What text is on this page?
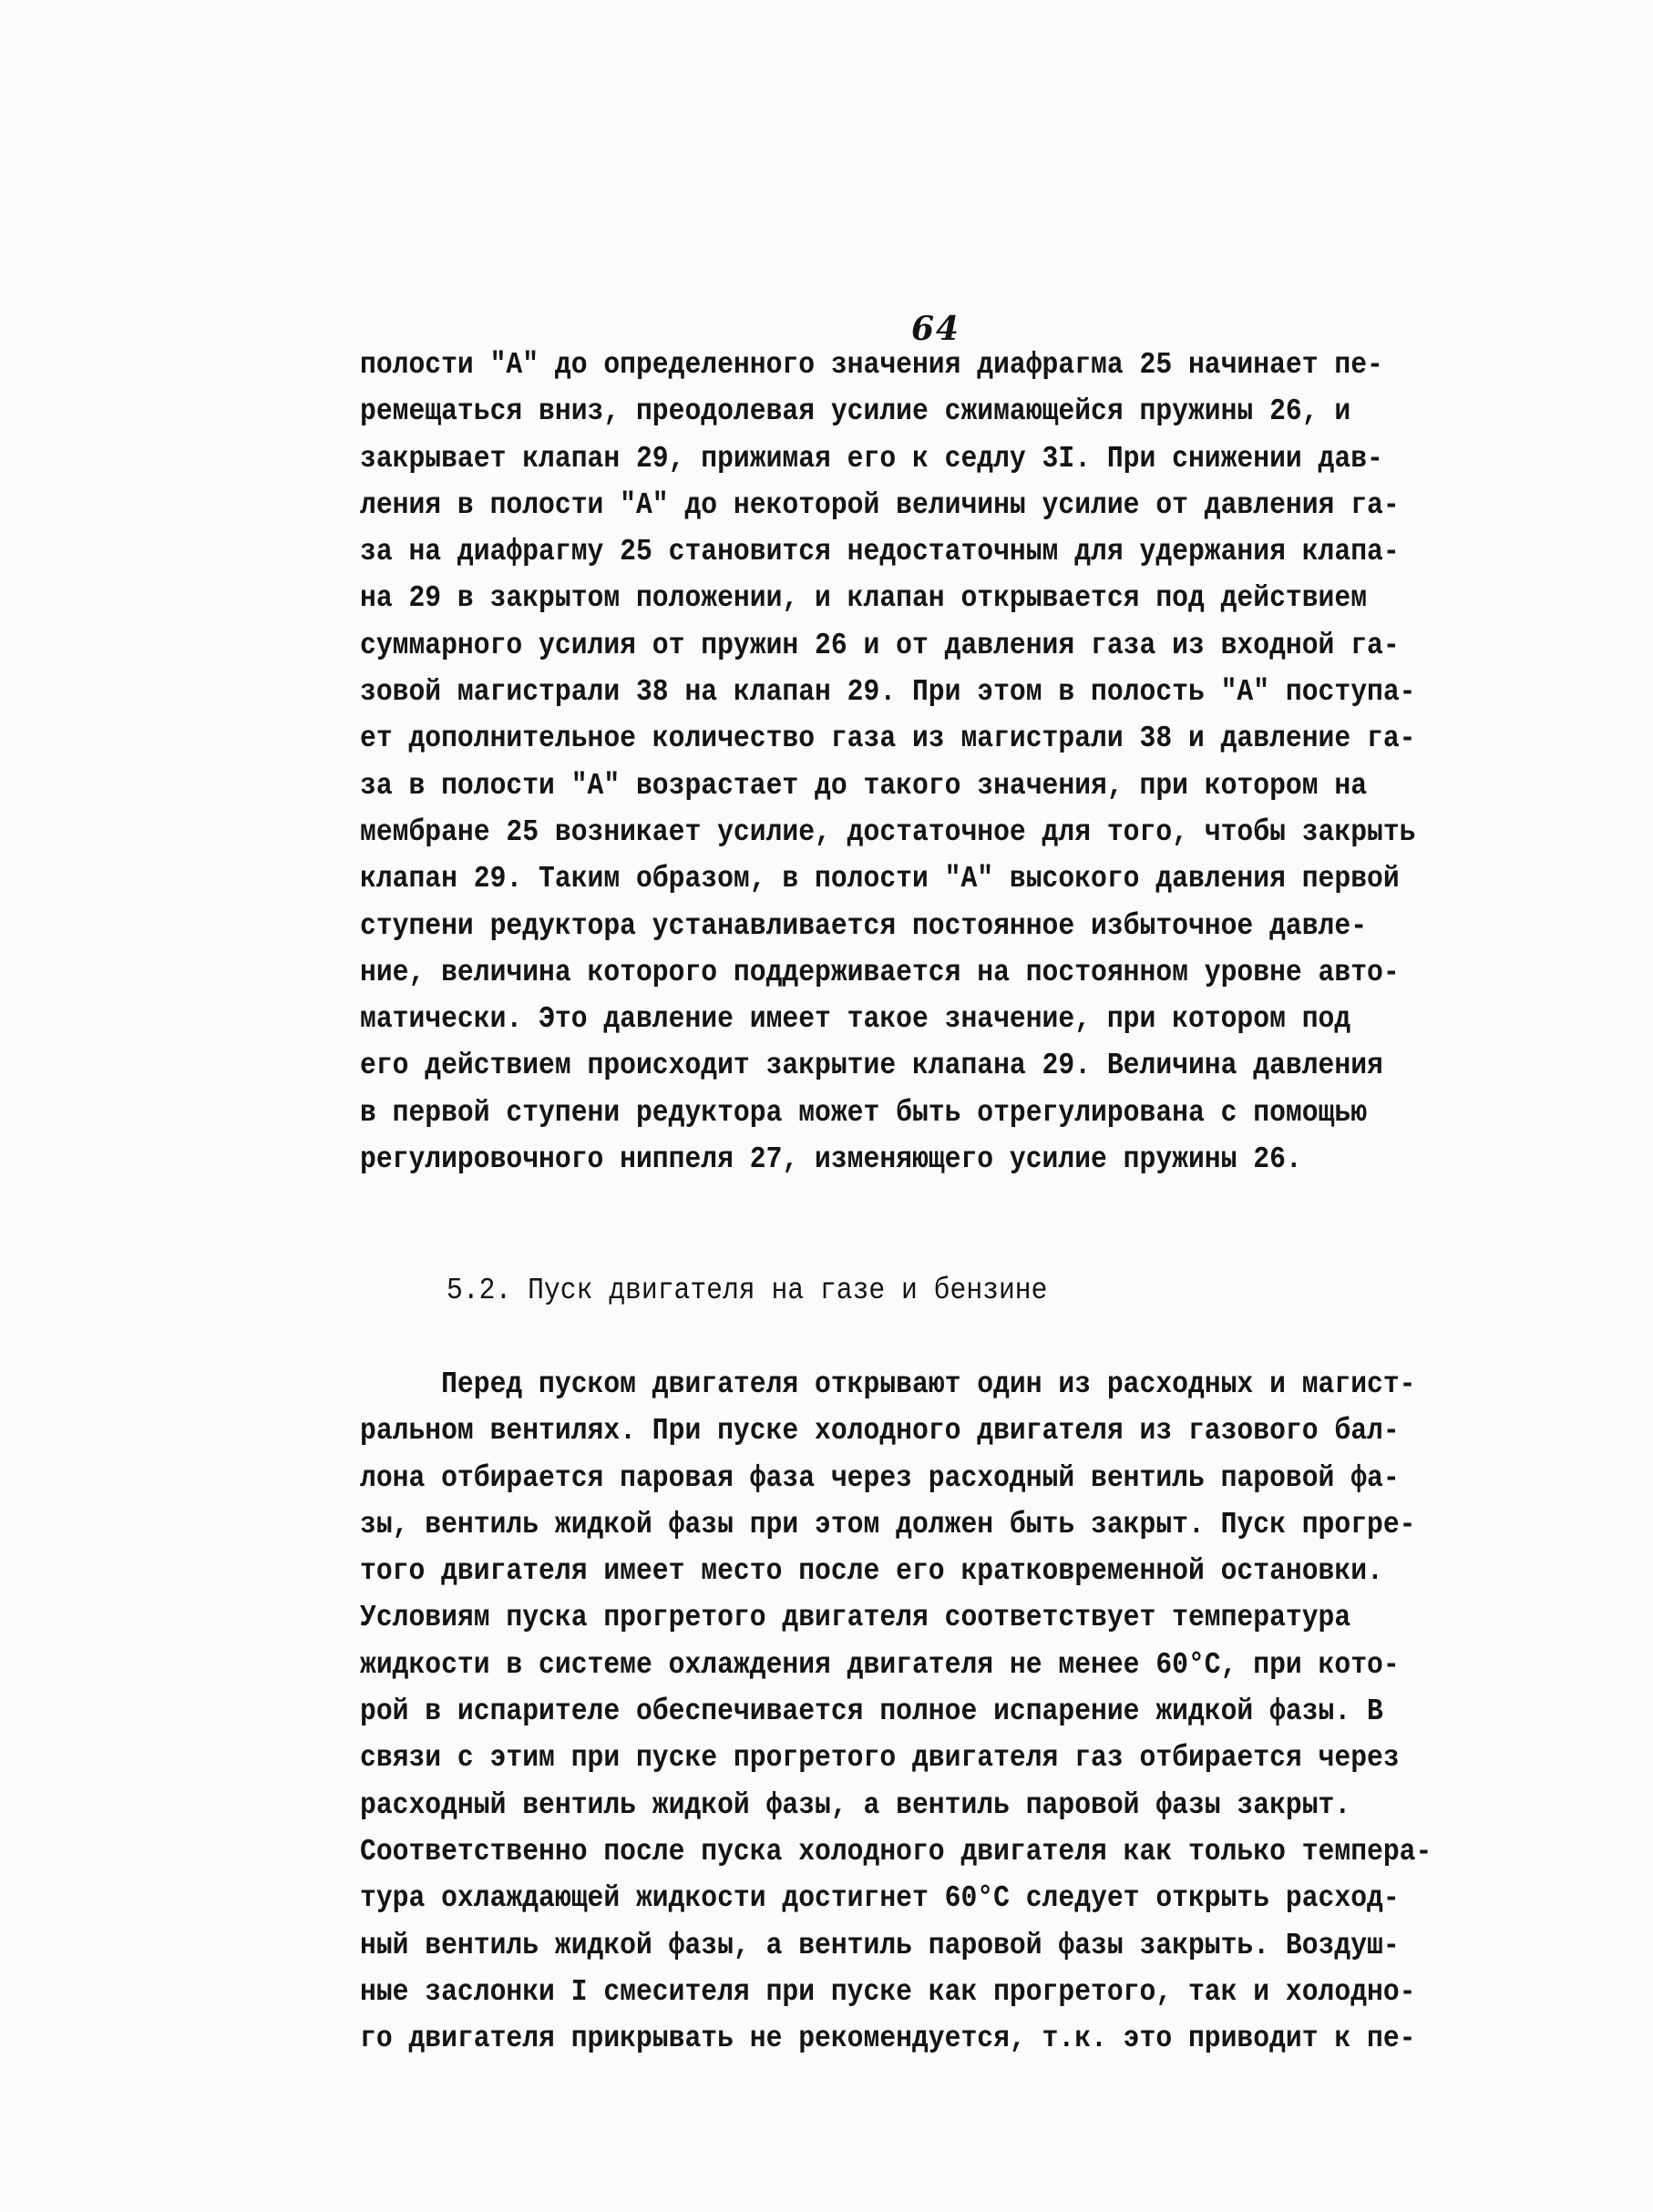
64
полости "А" до определенного значения диафрагма 25 начинает пе-
ремещаться вниз, преодолевая усилие сжимающейся пружины 26, и
закрывает клапан 29, прижимая его к седлу 3I. При снижении дав-
ления в полости "А" до некоторой величины усилие от давления га-
за на диафрагму 25 становится недостаточным для удержания клапа-
на 29 в закрытом положении, и клапан открывается под действием
суммарного усилия от пружин 26 и от давления газа из входной га-
зовой магистрали 38 на клапан 29. При этом в полость "А" поступа-
ет дополнительное количество газа из магистрали 38 и давление га-
за в полости "А" возрастает до такого значения, при котором на
мембране 25 возникает усилие, достаточное для того, чтобы закрыть
клапан 29. Таким образом, в полости "А" высокого давления первой
ступени редуктора устанавливается постоянное избыточное давле-
ние, величина которого поддерживается на постоянном уровне авто-
матически. Это давление имеет такое значение, при котором под
его действием происходит закрытие клапана 29. Величина давления
в первой ступени редуктора может быть отрегулирована с помощью
регулировочного ниппеля 27, изменяющего усилие пружины 26.
5.2. Пуск двигателя на газе и бензине
Перед пуском двигателя открывают один из расходных и магист-
ральном вентилях. При пуске холодного двигателя из газового бал-
лона отбирается паровая фаза через расходный вентиль паровой фа-
зы, вентиль жидкой фазы при этом должен быть закрыт. Пуск прогре-
того двигателя имеет место после его кратковременной остановки.
Условиям пуска прогретого двигателя соответствует температура
жидкости в системе охлаждения двигателя не менее 60°С, при кото-
рой в испарителе обеспечивается полное испарение жидкой фазы. В
связи с этим при пуске прогретого двигателя газ отбирается через
расходный вентиль жидкой фазы, а вентиль паровой фазы закрыт.
Соответственно после пуска холодного двигателя как только темпера-
тура охлаждающей жидкости достигнет 60°С следует открыть расход-
ный вентиль жидкой фазы, а вентиль паровой фазы закрыть. Воздуш-
ные заслонки I смесителя при пуске как прогретого, так и холодно-
го двигателя прикрывать не рекомендуется, т.к. это приводит к пе-
